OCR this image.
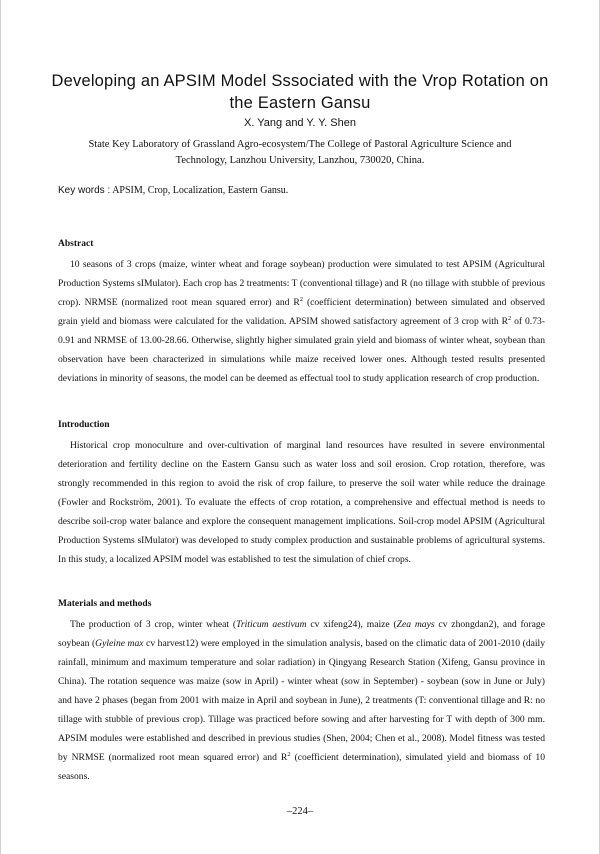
Developing an APSIM Model Sssociated with the Vrop Rotation on the Eastern Gansu
X. Yang and Y. Y. Shen
State Key Laboratory of Grassland Agro-ecosystem/The College of Pastoral Agriculture Science and Technology, Lanzhou University, Lanzhou, 730020, China.
Key words : APSIM, Crop, Localization, Eastern Gansu.
Abstract

10 seasons of 3 crops (maize, winter wheat and forage soybean) production were simulated to test APSIM (Agricultural Production Systems sIMulator). Each crop has 2 treatments: T (conventional tillage) and R (no tillage with stubble of previous crop). NRMSE (normalized root mean squared error) and $R^2$ (coefficient determination) between simulated and observed grain yield and biomass were calculated for the validation. APSIM showed satisfactory agreement of 3 crop with $R^2$ of 0.73-0.91 and NRMSE of 13.00-28.66. Otherwise, slightly higher simulated grain yield and biomass of winter wheat, soybean than observation have been characterized in simulations while maize received lower ones. Although tested results presented deviations in minority of seasons, the model can be deemed as effectual tool to study application research of crop production.

Introduction

Historical crop monoculture and over-cultivation of marginal land resources have resulted in severe environmental deterioration and fertility decline on the Eastern Gansu such as water loss and soil erosion. Crop rotation, therefore, was strongly recommended in this region to avoid the risk of crop failure, to preserve the soil water while reduce the drainage (Fowler and Rockström, 2001). To evaluate the effects of crop rotation, a comprehensive and effectual method is needs to describe soil-crop water balance and explore the consequent management implications. Soil-crop model APSIM (Agricultural Production Systems sIMulator) was developed to study complex production and sustainable problems of agricultural systems. In this study, a localized APSIM model was established to test the simulation of chief crops.

Materials and methods

The production of 3 crop, winter wheat (Triticum aestivum cv xifeng24), maize (Zea mays cv zhongdan2), and forage soybean (Gyleine max cv harvest12) were employed in the simulation analysis, based on the climatic data of 2001-2010 (daily rainfall, minimum and maximum temperature and solar radiation) in Qingyang Research Station (Xifeng, Gansu province in China). The rotation sequence was maize (sow in April) - winter wheat (sow in September) - soybean (sow in June or July) and have 2 phases (began from 2001 with maize in April and soybean in June), 2 treatments (T: conventional tillage and R: no tillage with stubble of previous crop). Tillage was practiced before sowing and after harvesting for T with depth of 300 mm. APSIM modules were established and described in previous studies (Shen, 2004; Chen et al., 2008). Model fitness was tested by NRMSE (normalized root mean squared error) and $R^2$ (coefficient determination), simulated yield and biomass of 10 seasons.

–224–
